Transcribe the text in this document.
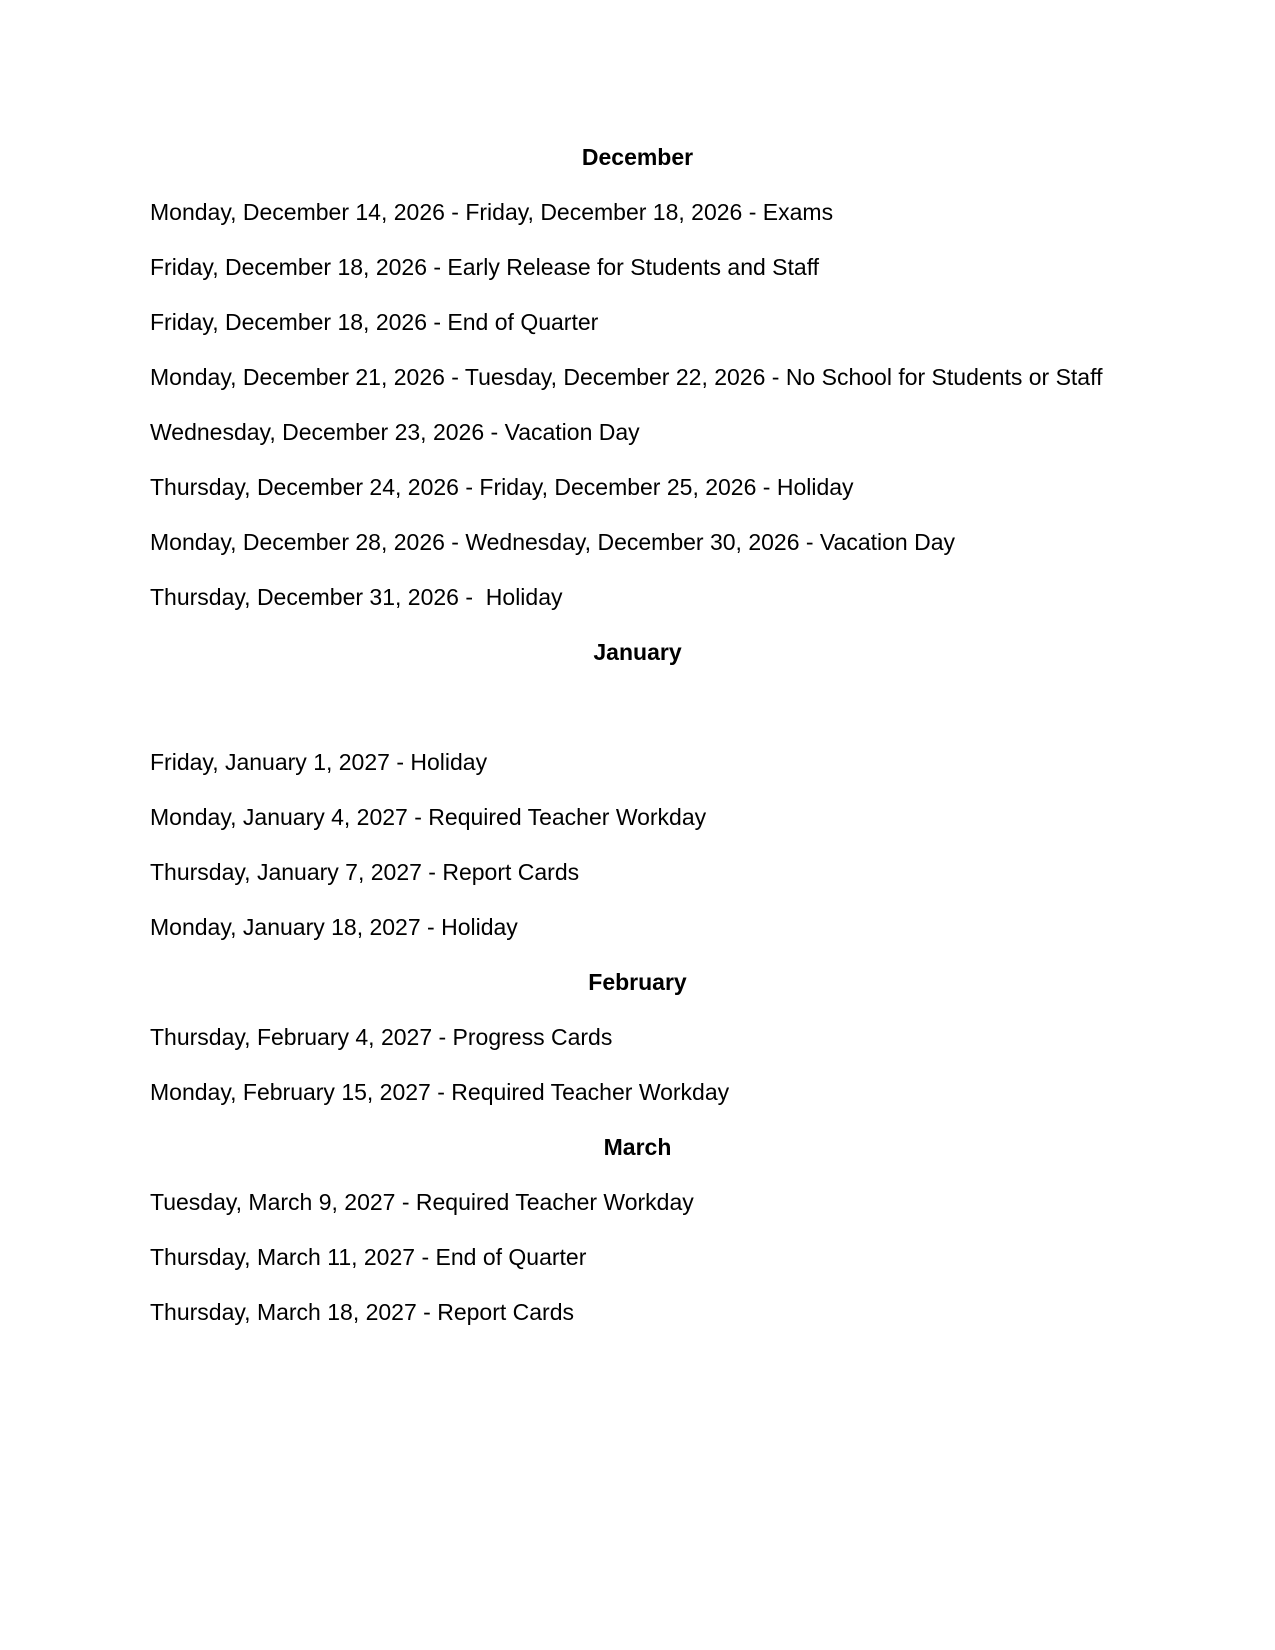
December

Monday, December 14, 2026 - Friday, December 18, 2026 - Exams

Friday, December 18, 2026 - Early Release for Students and Staff

Friday, December 18, 2026 - End of Quarter

Monday, December 21, 2026 - Tuesday, December 22, 2026 - No School for Students or Staff

Wednesday, December 23, 2026 - Vacation Day

Thursday, December 24, 2026 - Friday, December 25, 2026 - Holiday

Monday, December 28, 2026 - Wednesday, December 30, 2026 - Vacation Day

Thursday, December 31, 2026 -  Holiday

January

Friday, January 1, 2027 - Holiday

Monday, January 4, 2027 - Required Teacher Workday

Thursday, January 7, 2027 - Report Cards

Monday, January 18, 2027 - Holiday

February

Thursday, February 4, 2027 - Progress Cards

Monday, February 15, 2027 - Required Teacher Workday

March

Tuesday, March 9, 2027 - Required Teacher Workday

Thursday, March 11, 2027 - End of Quarter

Thursday, March 18, 2027 - Report Cards
